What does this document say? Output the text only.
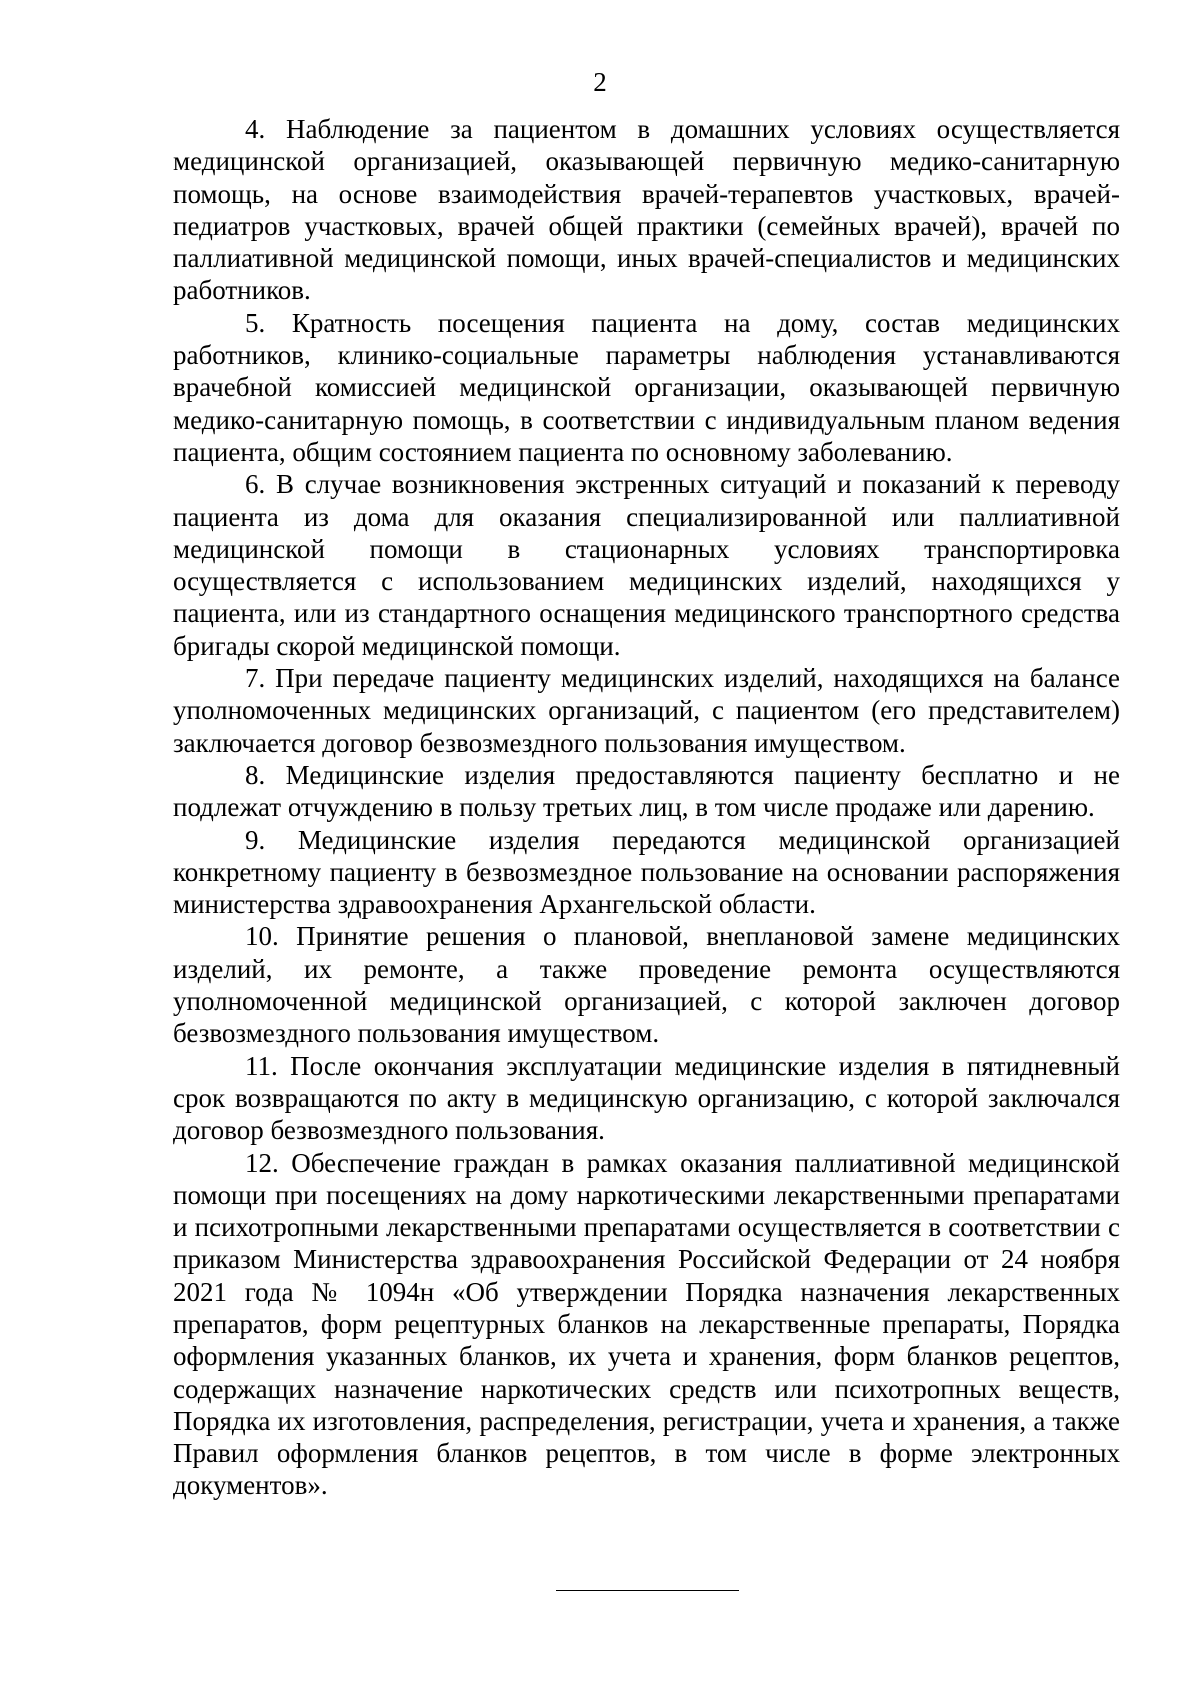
2

4. Наблюдение за пациентом в домашних условиях осуществляется медицинской организацией, оказывающей первичную медико-санитарную помощь, на основе взаимодействия врачей-терапевтов участковых, врачей-педиатров участковых, врачей общей практики (семейных врачей), врачей по паллиативной медицинской помощи, иных врачей-специалистов и медицинских работников.

5. Кратность посещения пациента на дому, состав медицинских работников, клинико-социальные параметры наблюдения устанавливаются врачебной комиссией медицинской организации, оказывающей первичную медико-санитарную помощь, в соответствии с индивидуальным планом ведения пациента, общим состоянием пациента по основному заболеванию.

6. В случае возникновения экстренных ситуаций и показаний к переводу пациента из дома для оказания специализированной или паллиативной медицинской помощи в стационарных условиях транспортировка осуществляется с использованием медицинских изделий, находящихся у пациента, или из стандартного оснащения медицинского транспортного средства бригады скорой медицинской помощи.

7. При передаче пациенту медицинских изделий, находящихся на балансе уполномоченных медицинских организаций, с пациентом (его представителем) заключается договор безвозмездного пользования имуществом.

8. Медицинские изделия предоставляются пациенту бесплатно и не подлежат отчуждению в пользу третьих лиц, в том числе продаже или дарению.

9. Медицинские изделия передаются медицинской организацией конкретному пациенту в безвозмездное пользование на основании распоряжения министерства здравоохранения Архангельской области.

10. Принятие решения о плановой, внеплановой замене медицинских изделий, их ремонте, а также проведение ремонта осуществляются уполномоченной медицинской организацией, с которой заключен договор безвозмездного пользования имуществом.

11. После окончания эксплуатации медицинские изделия в пятидневный срок возвращаются по акту в медицинскую организацию, с которой заключался договор безвозмездного пользования.

12. Обеспечение граждан в рамках оказания паллиативной медицинской помощи при посещениях на дому наркотическими лекарственными препаратами и психотропными лекарственными препаратами осуществляется в соответствии с приказом Министерства здравоохранения Российской Федерации от 24 ноября 2021 года № 1094н «Об утверждении Порядка назначения лекарственных препаратов, форм рецептурных бланков на лекарственные препараты, Порядка оформления указанных бланков, их учета и хранения, форм бланков рецептов, содержащих назначение наркотических средств или психотропных веществ, Порядка их изготовления, распределения, регистрации, учета и хранения, а также Правил оформления бланков рецептов, в том числе в форме электронных документов».
